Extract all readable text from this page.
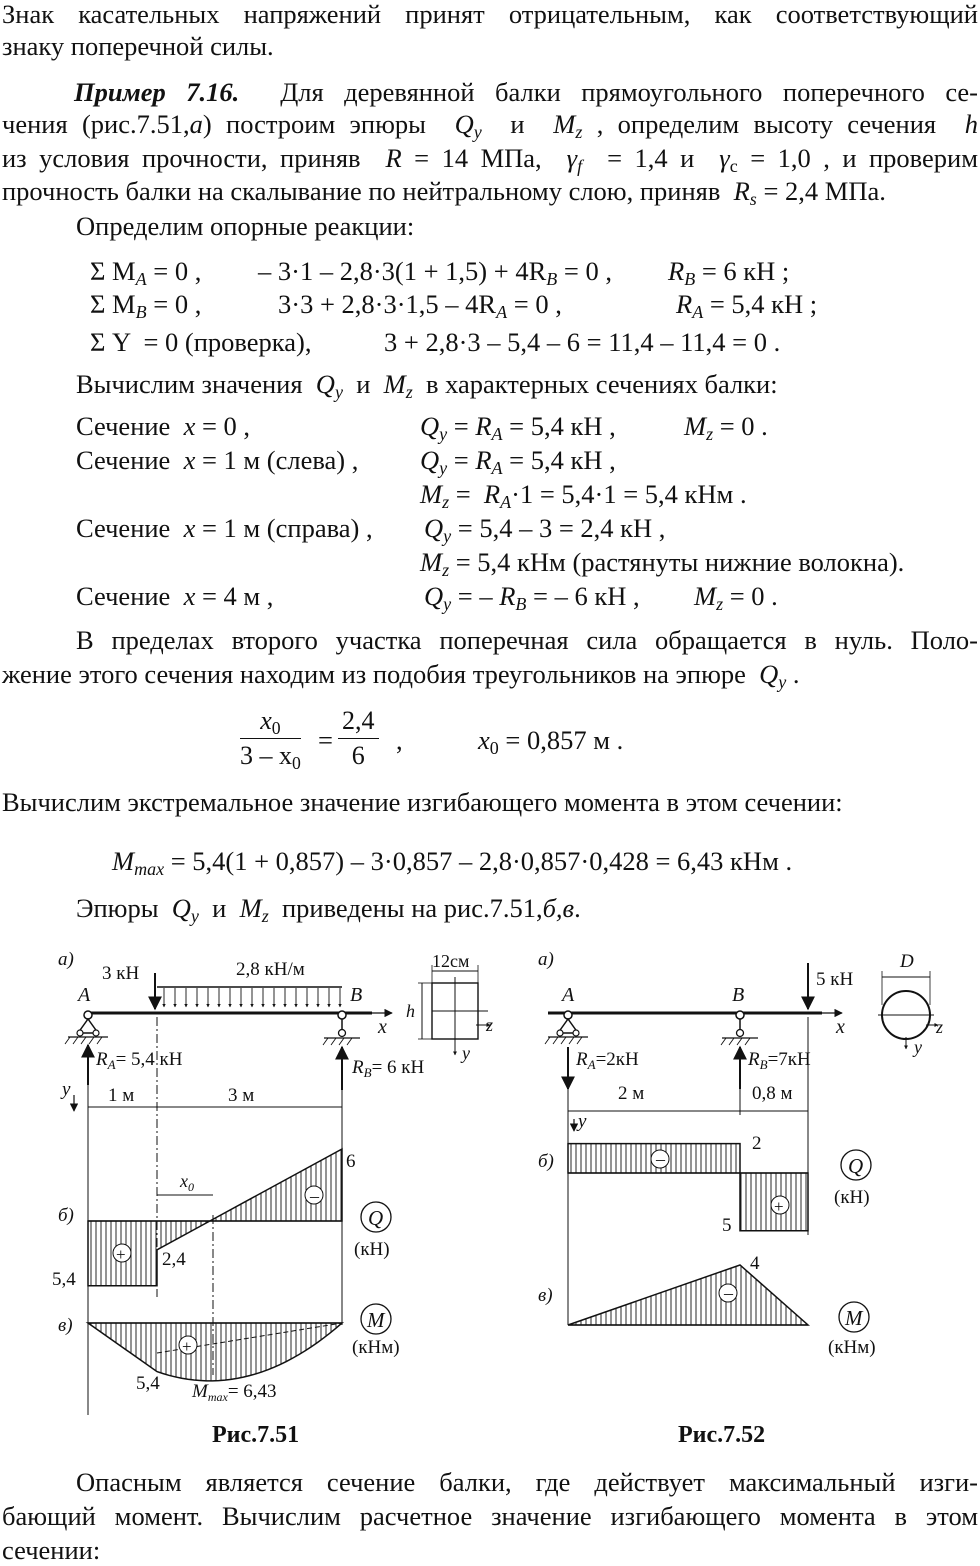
Знак касательных напряжений принят отрицательным, как соответствующий
знаку поперечной силы.
Пример 7.16. Для деревянной балки прямоугольного поперечного се-
чения (рис.7.51,а) построим эпюры $Q_y$  и  $M_z$ , определим высоту сечения h
из условия прочности, приняв R = 14 МПа, $\gamma_f = 1,4$ и $\gamma_c = 1,0$ , и проверим
прочность балки на скалывание по нейтральному слою, приняв $R_s = 2,4$ МПа.
Определим опорные реакции:
Σ $M_A = 0$ , – $3\cdot 1 - 2,8\cdot 3(1 + 1,5) + 4R_B = 0$ , $R_B = 6$ кН ;
Σ $M_B = 0$ ,	$3\cdot 3 + 2,8\cdot 3\cdot 1,5 - 4R_A = 0$ ,	$R_A = 5,4$ кН ;
Σ Y = 0 (проверка),	3 + 2,8·3 – 5,4 – 6 = 11,4 – 11,4 = 0 .
Вычислим значения $Q_y$  и  $M_z$ в характерных сечениях балки:
Сечение x = 0 ,	$Q_y = R_A = 5,4$ кН ,	$M_z = 0$ .
Сечение x = 1 м (слева) , $Q_y = R_A = 5,4$ кН ,
$M_z = R_A\cdot 1 = 5,4\cdot 1 = 5,4$ кНм .
Сечение x = 1 м (справа) , $Q_y = 5,4 - 3 = 2,4$ кН ,
$M_z = 5,4$ кНм (растянуты нижние волокна).
Сечение x = 4 м ,	$Q_y$ = – $R_B$ = – 6 кН , $M_z = 0$ .
В пределах второго участка поперечная сила обращается в нуль. Поло-
жение этого сечения находим из подобия треугольников на эпюре $Q_y$ .
$\frac{x_0}{3 - x_0} = \frac{2,4}{6}$ ,	$x_0 = 0,857$ м .
Вычислим экстремальное значение изгибающего момента в этом сечении:
$M_{max} = 5,4(1 + 0,857) - 3\cdot 0,857 - 2,8\cdot 0,857\cdot 0,428 = 6,43$ кНм .
Эпюры $Q_y$ и $M_z$ приведены на рис.7.51,б,в.
а)
x
A	B
3 кН	2,8 кН/м
$R_A= 5,4$ кН	$R_B= 6$ кН
y 1 м	3 м
12см
h
z
y
+
–
б)
$x_0$
6
2,4
5,4
Q
(кН)
+
в)
5,4 $M_{max}= 6,43$
M
(кНм)
а)
x
A	B
5 кН
$R_A=2кН$	$R_B=7кН$
2 м	0,8 м
y
D
z
y
–
+
б)
2
5
Q
(кН)
–
в)
4
M
(кНм)
Рис.7.51	Рис.7.52
Опасным является сечение балки, где действует максимальный изги-
бающий момент. Вычислим расчетное значение изгибающего момента в этом
сечении:
